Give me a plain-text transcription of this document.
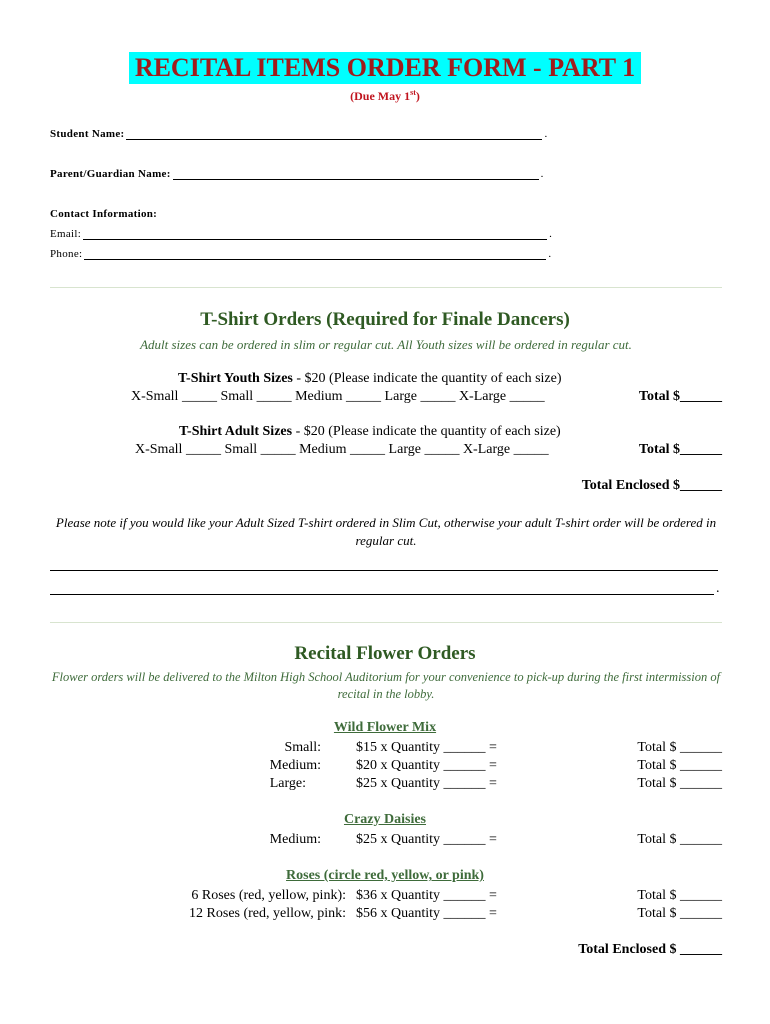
RECITAL ITEMS ORDER FORM - PART 1
(Due May 1st)
Student Name:	.
Parent/Guardian Name:	.
Contact Information:
Email:	.
Phone:	.
T-Shirt Orders (Required for Finale Dancers)
Adult sizes can be ordered in slim or regular cut. All Youth sizes will be ordered in regular cut.
T-Shirt Youth Sizes - $20 (Please indicate the quantity of each size)
X-Small _____ Small _____ Medium _____ Large _____ X-Large _____	Total $______
T-Shirt Adult Sizes - $20 (Please indicate the quantity of each size)
X-Small _____ Small _____ Medium _____ Large _____ X-Large _____	Total $______
Total Enclosed $______
Please note if you would like your Adult Sized T-shirt ordered in Slim Cut, otherwise your adult T-shirt order will be ordered in regular cut.
.
Recital Flower Orders
Flower orders will be delivered to the Milton High School Auditorium for your convenience to pick-up during the first intermission of recital in the lobby.
Wild Flower Mix
Small:	$15 x Quantity ______ =	Total $ ______
Medium:	$20 x Quantity ______ =	Total $ ______
Large:	$25 x Quantity ______ =	Total $ ______
Crazy Daisies
Medium:	$25 x Quantity ______ =	Total $ ______
Roses (circle red, yellow, or pink)
6 Roses (red, yellow, pink): $36 x Quantity ______ =	Total $ ______
12 Roses (red, yellow, pink: $56 x Quantity ______ =	Total $ ______
Total Enclosed $ ______
